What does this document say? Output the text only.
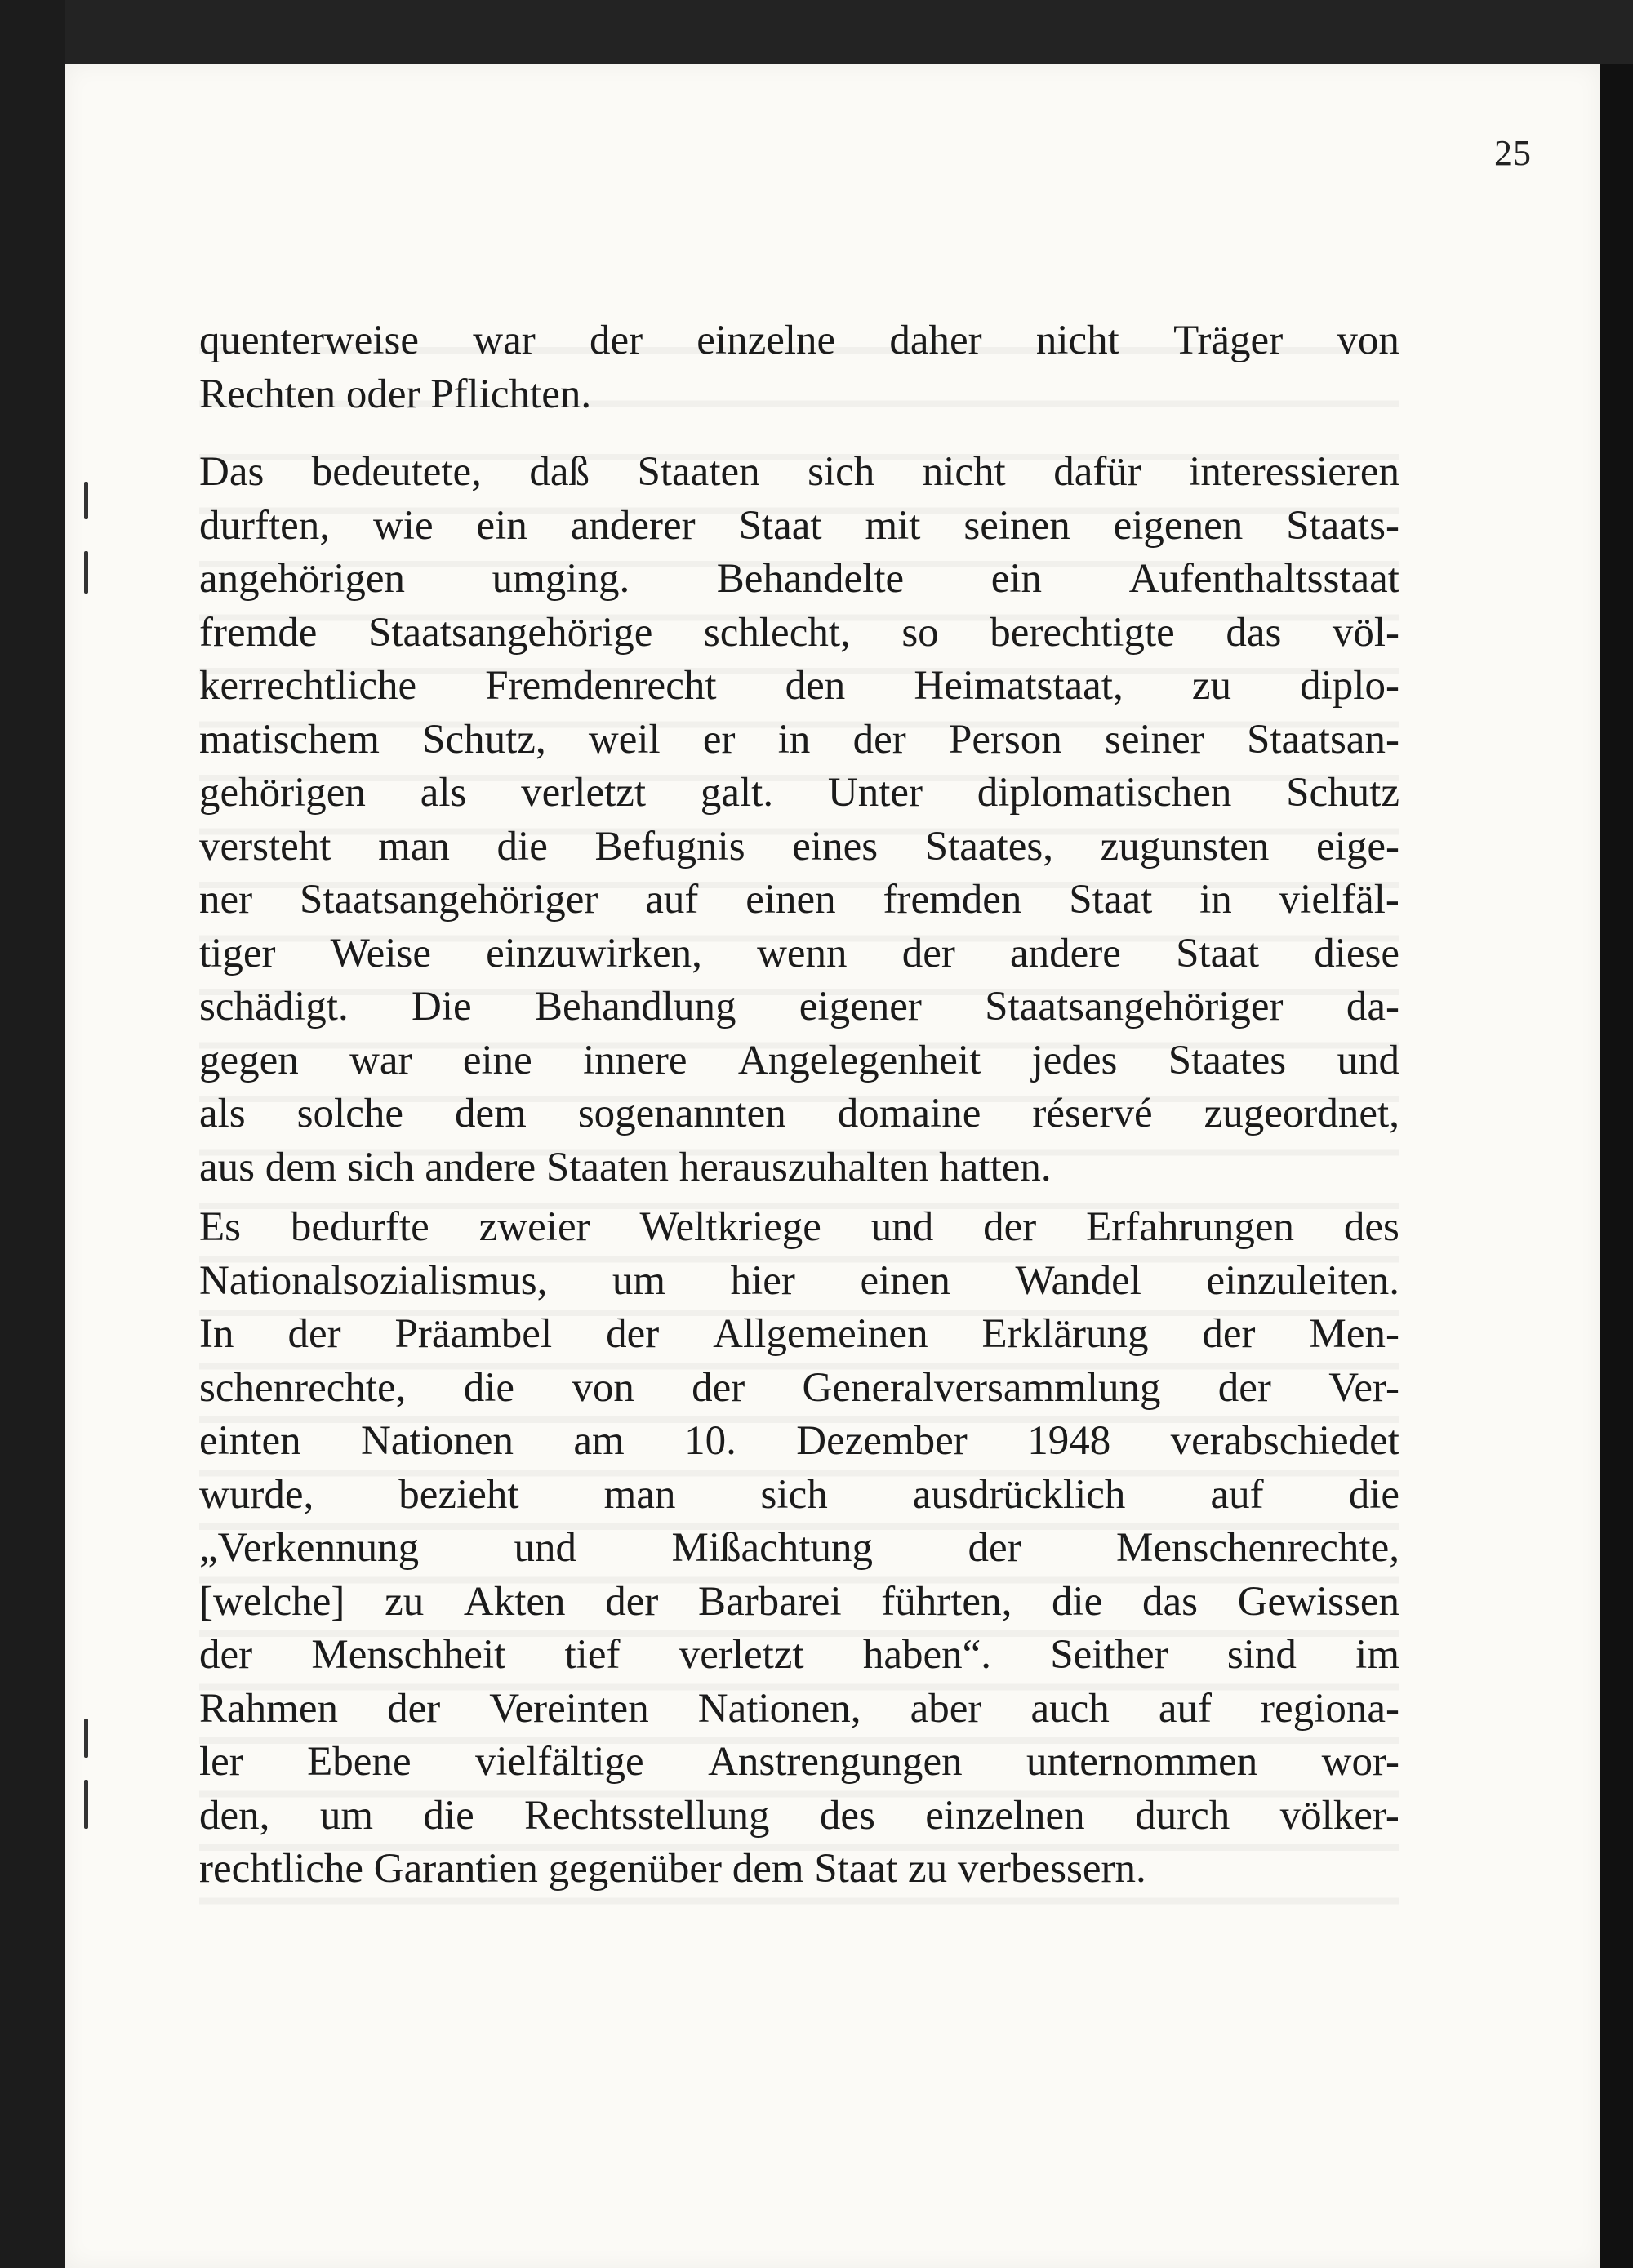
25
quenterweise war der einzelne daher nicht Träger von
Rechten oder Pflichten.
Das bedeutete, daß Staaten sich nicht dafür interessieren
durften, wie ein anderer Staat mit seinen eigenen Staats-
angehörigen umging. Behandelte ein Aufenthaltsstaat
fremde Staatsangehörige schlecht, so berechtigte das völ-
kerrechtliche Fremdenrecht den Heimatstaat, zu diplo-
matischem Schutz, weil er in der Person seiner Staatsan-
gehörigen als verletzt galt. Unter diplomatischen Schutz
versteht man die Befugnis eines Staates, zugunsten eige-
ner Staatsangehöriger auf einen fremden Staat in vielfäl-
tiger Weise einzuwirken, wenn der andere Staat diese
schädigt. Die Behandlung eigener Staatsangehöriger da-
gegen war eine innere Angelegenheit jedes Staates und
als solche dem sogenannten domaine réservé zugeordnet,
aus dem sich andere Staaten herauszuhalten hatten.
Es bedurfte zweier Weltkriege und der Erfahrungen des
Nationalsozialismus, um hier einen Wandel einzuleiten.
In der Präambel der Allgemeinen Erklärung der Men-
schenrechte, die von der Generalversammlung der Ver-
einten Nationen am 10. Dezember 1948 verabschiedet
wurde, bezieht man sich ausdrücklich auf die
„Verkennung und Mißachtung der Menschenrechte,
[welche] zu Akten der Barbarei führten, die das Gewissen
der Menschheit tief verletzt haben“. Seither sind im
Rahmen der Vereinten Nationen, aber auch auf regiona-
ler Ebene vielfältige Anstrengungen unternommen wor-
den, um die Rechtsstellung des einzelnen durch völker-
rechtliche Garantien gegenüber dem Staat zu verbessern.
